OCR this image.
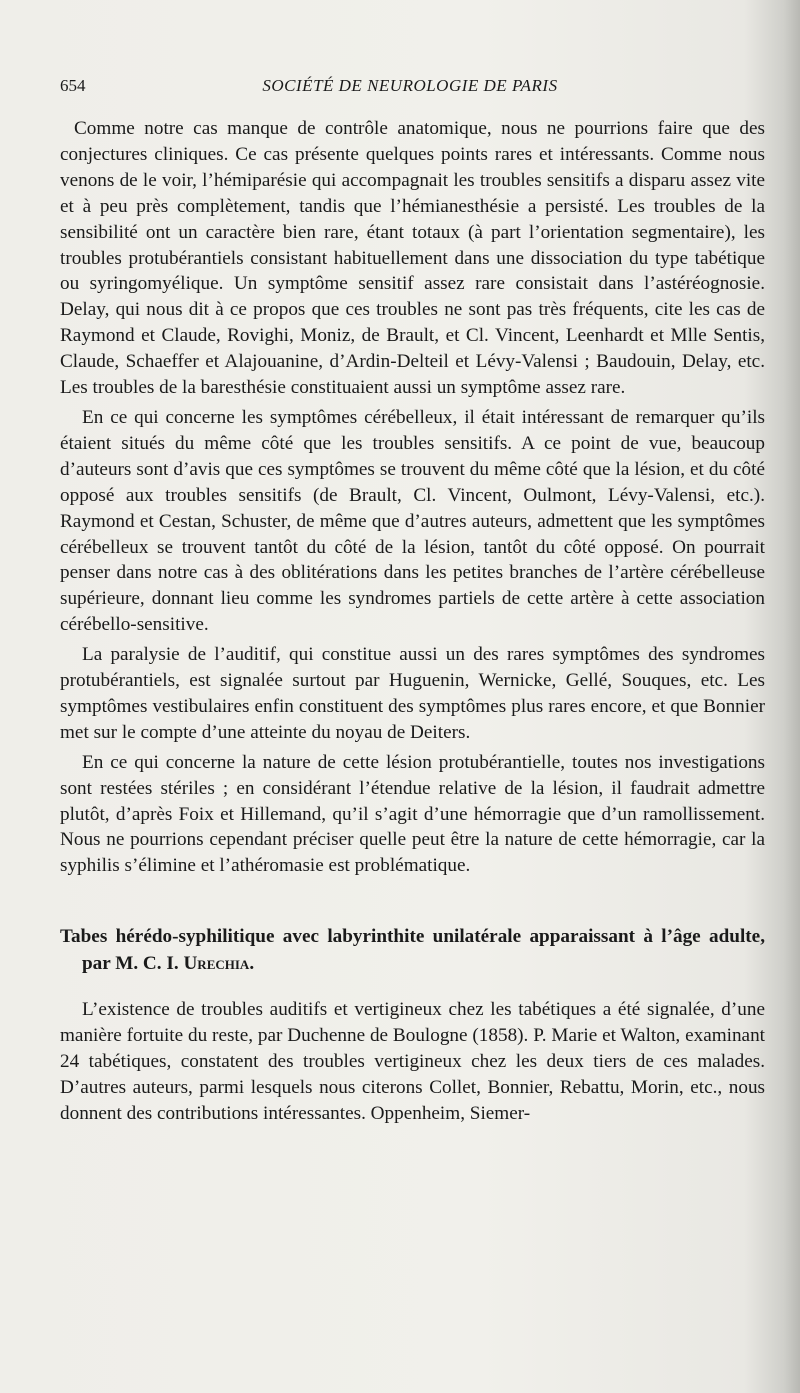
654	SOCIÉTÉ DE NEUROLOGIE DE PARIS

Comme notre cas manque de contrôle anatomique, nous ne pourrions faire que des conjectures cliniques. Ce cas présente quelques points rares et intéressants. Comme nous venons de le voir, l’hémiparésie qui accompagnait les troubles sensitifs a disparu assez vite et à peu près complètement, tandis que l’hémianesthésie a persisté. Les troubles de la sensibilité ont un caractère bien rare, étant totaux (à part l’orientation segmentaire), les troubles protubérantiels consistant habituellement dans une dissociation du type tabétique ou syringomyélique. Un symptôme sensitif assez rare consistait dans l’astéréognosie. Delay, qui nous dit à ce propos que ces troubles ne sont pas très fréquents, cite les cas de Raymond et Claude, Rovighi, Moniz, de Brault, et Cl. Vincent, Leenhardt et Mlle Sentis, Claude, Schaeffer et Alajouanine, d’Ardin-Delteil et Lévy-Valensi ; Baudouin, Delay, etc. Les troubles de la baresthésie constituaient aussi un symptôme assez rare.

En ce qui concerne les symptômes cérébelleux, il était intéressant de remarquer qu’ils étaient situés du même côté que les troubles sensitifs. A ce point de vue, beaucoup d’auteurs sont d’avis que ces symptômes se trouvent du même côté que la lésion, et du côté opposé aux troubles sensitifs (de Brault, Cl. Vincent, Oulmont, Lévy-Valensi, etc.). Raymond et Cestan, Schuster, de même que d’autres auteurs, admettent que les symptômes cérébelleux se trouvent tantôt du côté de la lésion, tantôt du côté opposé. On pourrait penser dans notre cas à des oblitérations dans les petites branches de l’artère cérébelleuse supérieure, donnant lieu comme les syndromes partiels de cette artère à cette association cérébello-sensitive.

La paralysie de l’auditif, qui constitue aussi un des rares symptômes des syndromes protubérantiels, est signalée surtout par Huguenin, Wernicke, Gellé, Souques, etc. Les symptômes vestibulaires enfin constituent des symptômes plus rares encore, et que Bonnier met sur le compte d’une atteinte du noyau de Deiters.

En ce qui concerne la nature de cette lésion protubérantielle, toutes nos investigations sont restées stériles ; en considérant l’étendue relative de la lésion, il faudrait admettre plutôt, d’après Foix et Hillemand, qu’il s’agit d’une hémorragie que d’un ramollissement. Nous ne pourrions cependant préciser quelle peut être la nature de cette hémorragie, car la syphilis s’élimine et l’athéromasie est problématique.

Tabes hérédo-syphilitique avec labyrinthite unilatérale apparaissant à l’âge adulte, par M. C. I. Urechia.

L’existence de troubles auditifs et vertigineux chez les tabétiques a été signalée, d’une manière fortuite du reste, par Duchenne de Boulogne (1858). P. Marie et Walton, examinant 24 tabétiques, constatent des troubles vertigineux chez les deux tiers de ces malades. D’autres auteurs, parmi lesquels nous citerons Collet, Bonnier, Rebattu, Morin, etc., nous donnent des contributions intéressantes. Oppenheim, Siemer-
